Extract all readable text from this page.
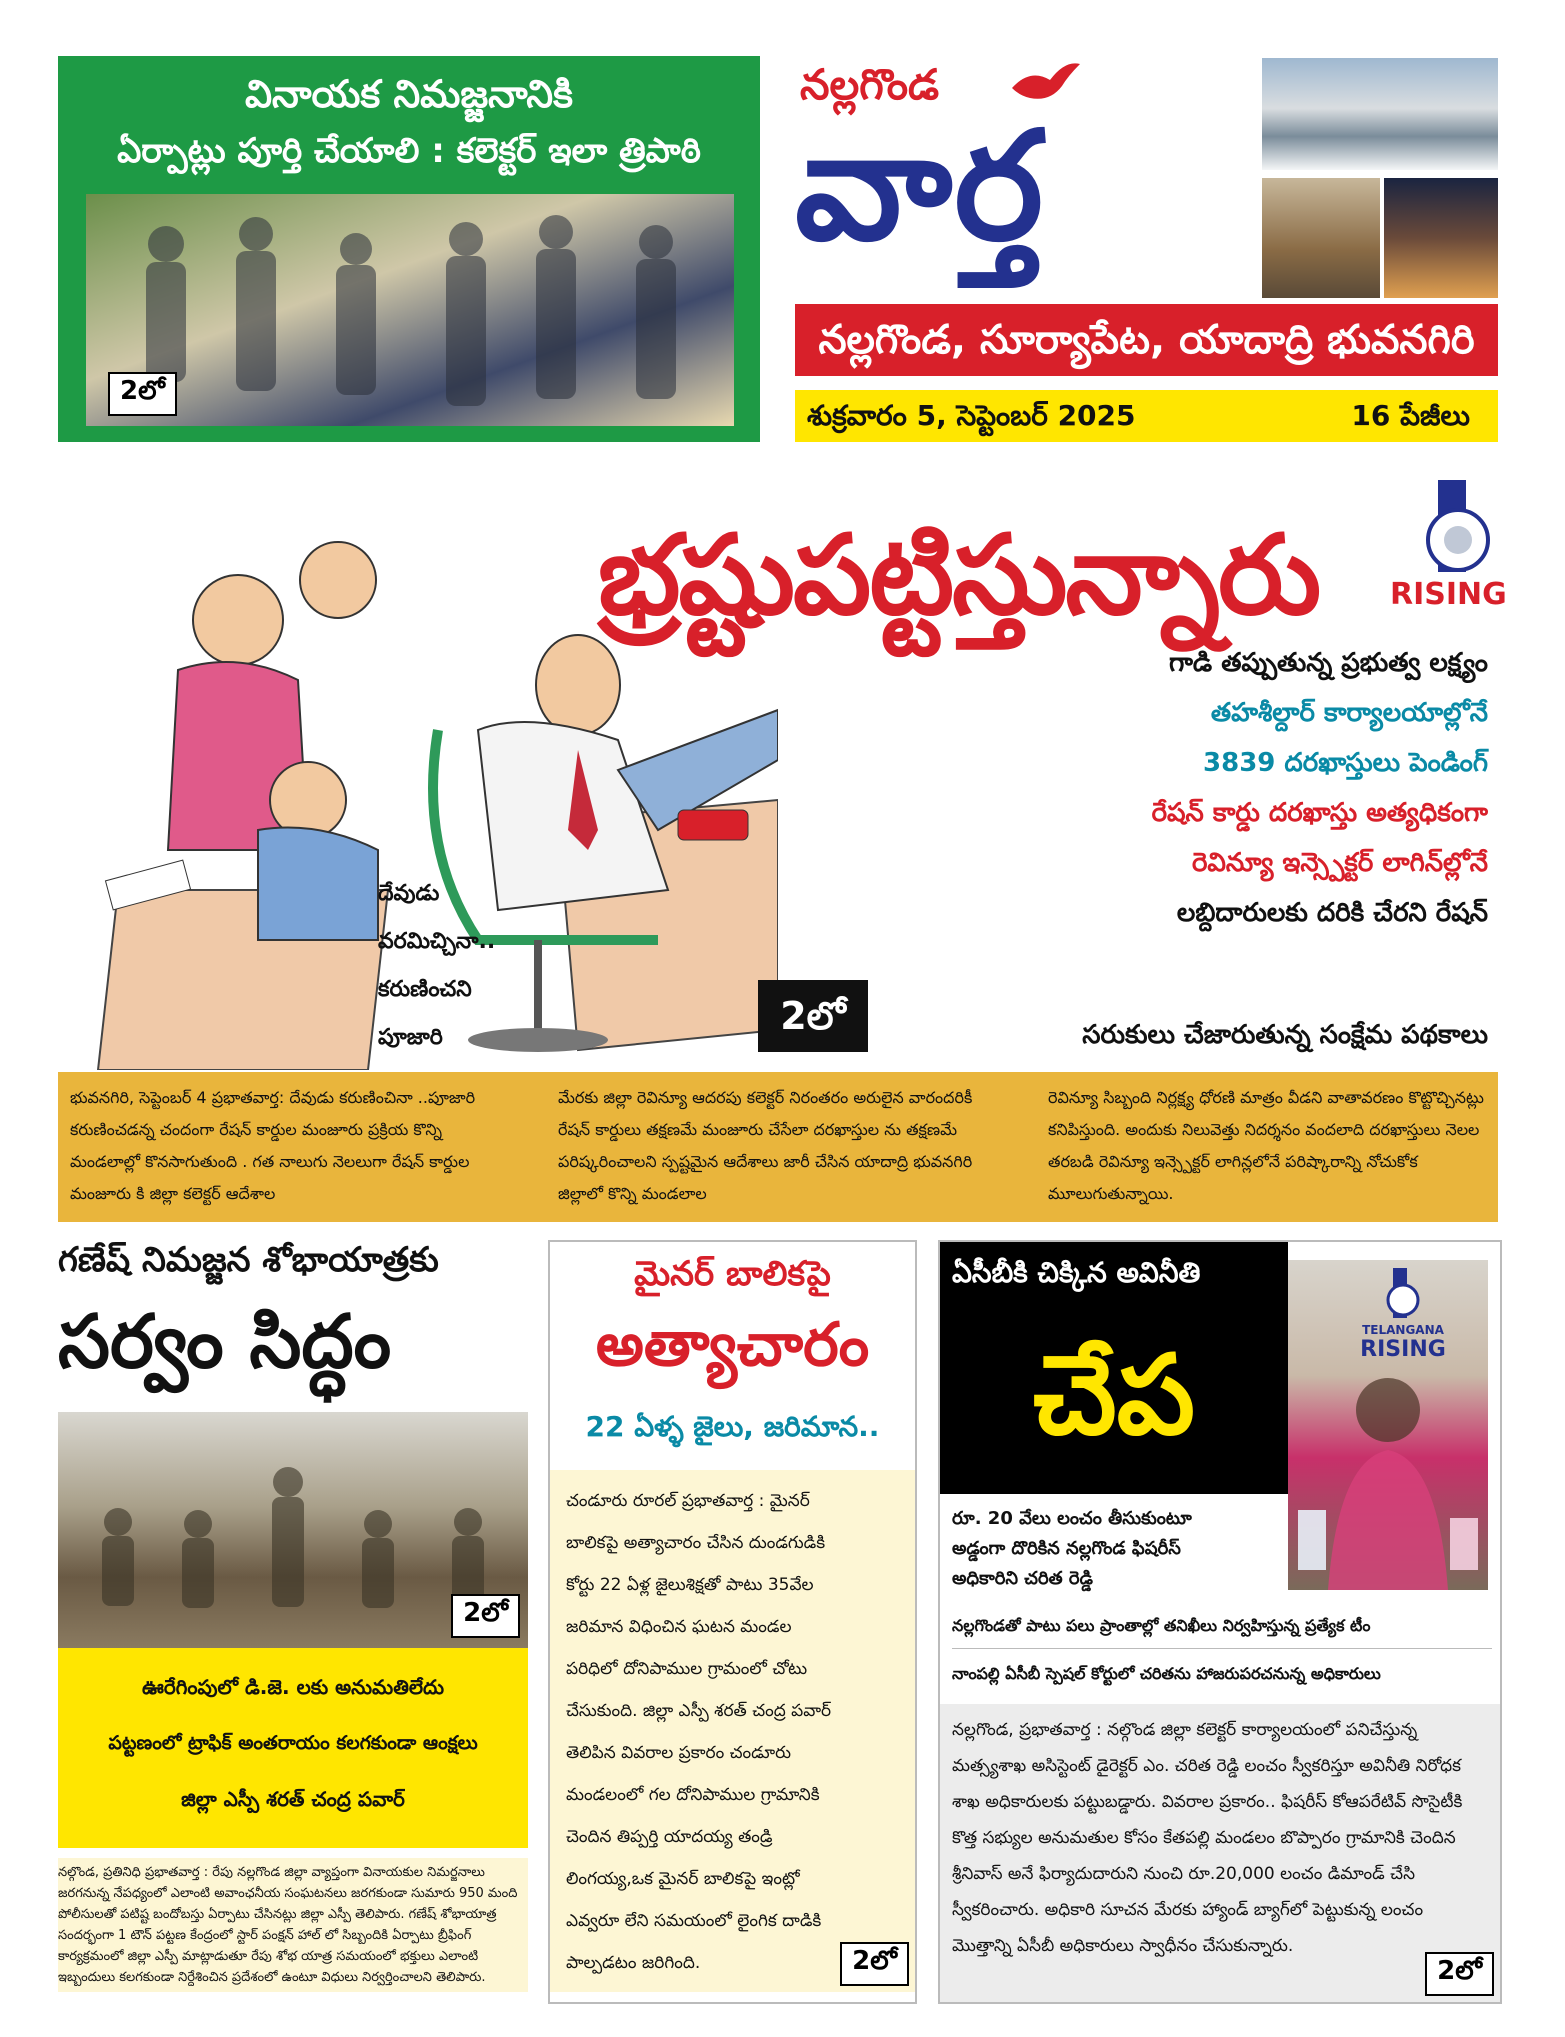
వినాయక నిమజ్జనానికి
ఏర్పాట్లు పూర్తి చేయాలి : కలెక్టర్ ఇలా త్రిపాఠి
2లో
నల్లగొండ
వార్త
నల్లగొండ, సూర్యాపేట, యాదాద్రి భువనగిరి
శుక్రవారం 5, సెప్టెంబర్ 2025	16 పేజీలు
దేవుడు
వరమిచ్చినా..
కరుణించని
పూజారి	2లో
భ్రష్టుపట్టిస్తున్నారు	RISING
గాడి తప్పుతున్న ప్రభుత్వ లక్ష్యం
తహశీల్దార్ కార్యాలయాల్లోనే
3839 దరఖాస్తులు పెండింగ్
రేషన్ కార్డు దరఖాస్తు అత్యధికంగా
రెవిన్యూ ఇన్స్పెక్టర్ లాగిన్‌ల్లోనే
లబ్దిదారులకు దరికి చేరని రేషన్
సరుకులు చేజారుతున్న సంక్షేమ పథకాలు
భువనగిరి, సెప్టెంబర్ 4 ప్రభాతవార్త: దేవుడు కరుణించినా ..పూజారి కరుణించడన్న చందంగా రేషన్ కార్డుల మంజూరు ప్రక్రియ కొన్ని మండలాల్లో కొనసాగుతుంది . గత నాలుగు నెలలుగా రేషన్ కార్డుల మంజూరు కి జిల్లా కలెక్టర్ ఆదేశాల
మేరకు జిల్లా రెవిన్యూ ఆదరపు కలెక్టర్ నిరంతరం అరులైన వారందరికీ రేషన్ కార్డులు తక్షణమే మంజూరు చేసేలా దరఖాస్తుల ను తక్షణమే పరిష్కరించాలని స్పష్టమైన ఆదేశాలు జారీ చేసిన యాదాద్రి భువనగిరి జిల్లాలో కొన్ని మండలాల
రెవిన్యూ సిబ్బంది నిర్లక్ష్య ధోరణి మాత్రం వీడని వాతావరణం కొట్టొచ్చినట్లు కనిపిస్తుంది. అందుకు నిలువెత్తు నిదర్శనం వందలాది దరఖాస్తులు నెలల తరబడి రెవిన్యూ ఇన్స్పెక్టర్ లాగిన్లలోనే పరిష్కారాన్ని నోచుకోక మూలుగుతున్నాయి.
గణేష్ నిమజ్జన శోభాయాత్రకు
సర్వం సిద్ధం
2లో
ఊరేగింపులో డి.జె. లకు అనుమతిలేదు
పట్టణంలో ట్రాఫిక్ అంతరాయం కలగకుండా ఆంక్షలు
జిల్లా ఎస్పీ శరత్ చంద్ర పవార్
నల్గొండ, ప్రతినిధి ప్రభాతవార్త : రేపు నల్లగొండ జిల్లా వ్యాప్తంగా వినాయకుల నిమర్జనాలు జరగనున్న నేపధ్యంలో ఎలాంటి అవాంఛనీయ సంఘటనలు జరగకుండా సుమారు 950 మంది పోలీసులతో పటిష్ట బందోబస్తు ఏర్పాటు చేసినట్లు జిల్లా ఎస్పీ తెలిపారు. గణేష్ శోభాయాత్ర సందర్భంగా 1 టౌన్ పట్టణ కేంద్రంలో స్టార్ పంక్షన్ హాల్ లో సిబ్బందికి ఏర్పాటు బ్రీఫింగ్ కార్యక్రమంలో జిల్లా ఎస్పీ మాట్లాడుతూ రేపు శోభ యాత్ర సమయంలో భక్తులు ఎలాంటి ఇబ్బందులు కలగకుండా నిర్దేశించిన ప్రదేశంలో ఉంటూ విధులు నిర్వర్తించాలని తెలిపారు.
మైనర్ బాలికపై
అత్యాచారం
22 ఏళ్ళ జైలు, జరిమాన..
చండూరు రూరల్ ప్రభాతవార్త : మైనర్
బాలికపై అత్యాచారం చేసిన దుండగుడికి
కోర్టు 22 ఏళ్ల జైలుశిక్షతో పాటు 35వేల
జరిమాన విధించిన ఘటన మండల
పరిధిలో దోనిపాముల గ్రామంలో చోటు
చేసుకుంది. జిల్లా ఎస్పీ శరత్ చంద్ర పవార్
తెలిపిన వివరాల ప్రకారం చండూరు
మండలంలో గల దోనిపాముల గ్రామానికి
చెందిన తిప్పర్తి యాదయ్య తండ్రి
లింగయ్య,ఒక మైనర్ బాలికపై ఇంట్లో
ఎవ్వరూ లేని సమయంలో లైంగిక దాడికి
పాల్పడటం జరిగింది.	2లో
ఏసీబీకి చిక్కిన అవినీతి
చేప
TELANGANA
RISING
రూ. 20 వేలు లంచం తీసుకుంటూ
అడ్డంగా దొరికిన నల్లగొండ ఫిషరీస్
అధికారిని చరిత రెడ్డి
నల్లగొండతో పాటు పలు ప్రాంతాల్లో తనిఖీలు నిర్వహిస్తున్న ప్రత్యేక టీం
నాంపల్లి ఏసీబీ స్పెషల్ కోర్టులో చరితను హాజరుపరచనున్న అధికారులు
నల్లగొండ, ప్రభాతవార్త : నల్గొండ జిల్లా కలెక్టర్ కార్యాలయంలో పనిచేస్తున్న మత్స్యశాఖ అసిస్టెంట్ డైరెక్టర్ ఎం. చరిత రెడ్డి లంచం స్వీకరిస్తూ అవినీతి నిరోధక శాఖ అధికారులకు పట్టుబడ్డారు. వివరాల ప్రకారం.. ఫిషరీస్ కోఆపరేటివ్ సొసైటీకి కొత్త సభ్యుల అనుమతుల కోసం కేతపల్లి మండలం బొప్పారం గ్రామానికి చెందిన శ్రీనివాస్ అనే ఫిర్యాదుదారుని నుంచి రూ.20,000 లంచం డిమాండ్ చేసి స్వీకరించారు. అధికారి సూచన మేరకు హ్యాండ్ బ్యాగ్‌లో పెట్టుకున్న లంచం మొత్తాన్ని ఏసీబీ అధికారులు స్వాధీనం చేసుకున్నారు.
2లో
